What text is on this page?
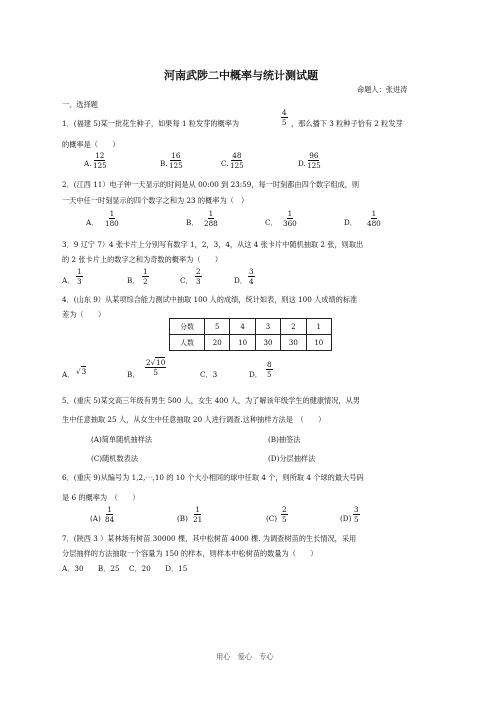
河南武陟二中概率与统计测试题
命题人：张进涛
一、选择题
1．(福建 5)某一批花生种子，如果每 1 粒发芽的概率为	$\frac{4}{5}$ ，那么播下 3 粒种子恰有 2 粒发芽
的概率是（　　）
A. $\frac{12}{125}$	B. $\frac{16}{125}$	C. $\frac{48}{125}$	D. $\frac{96}{125}$
2．(江西 11）电子钟一天显示的时间是从 00:00 到 23:59，每一时刻都由四个数字组成，则
一天中任一时刻显示的四个数字之和为 23 的概率为（　）
A． $\frac{1}{180}$	B． $\frac{1}{288}$	C． $\frac{1}{360}$	D． $\frac{1}{480}$
3．9 辽宁 7）4 张卡片上分别写有数字 1，2，3，4，从这 4 张卡片中随机抽取 2 张，则取出
的 2 张卡片上的数字之和为奇数的概率为（　　）
A． $\frac{1}{3}$	B． $\frac{1}{2}$	C． $\frac{2}{3}$	D． $\frac{3}{4}$
4．(山东 9）从某项综合能力测试中抽取 100 人的成绩，统计如表，则这 100 人成绩的标准
差为（　　）
分数	5	4	3	2	1
人数	20	10	30	30	10
A． √3	B． $\frac{2√10}{5}$	C．3	D． $\frac{8}{5}$
5．(重庆 5)某交高三年级有男生 500 人，女生 400 人，为了解该年级学生的健康情况，从男
生中任意抽取 25 人，从女生中任意抽取 20 人进行调查.这种抽样方法是　（　　）
(A)简单随机抽样法	(B)抽签法
(C)随机数表法	(D)分层抽样法
6．(重庆 9)从编号为 1,2,⋯,10 的 10 个大小相同的球中任取 4 个，则所取 4 个球的最大号码
是 6 的概率为　（　　）
$(A) \frac{1}{84}$	$(B) \frac{1}{21}$	$(C) \frac{2}{5}$	$(D) \frac{3}{5}$
7．(陕西 3 ）某林场有树苗 30000 棵，其中松树苗 4000 棵. 为调查树苗的生长情况，采用
分层抽样的方法抽取一个容量为 150 的样本，则样本中松树苗的数量为（　　）
A．30　　B．25　 C．20　　D．15
用心　爱心　专心
